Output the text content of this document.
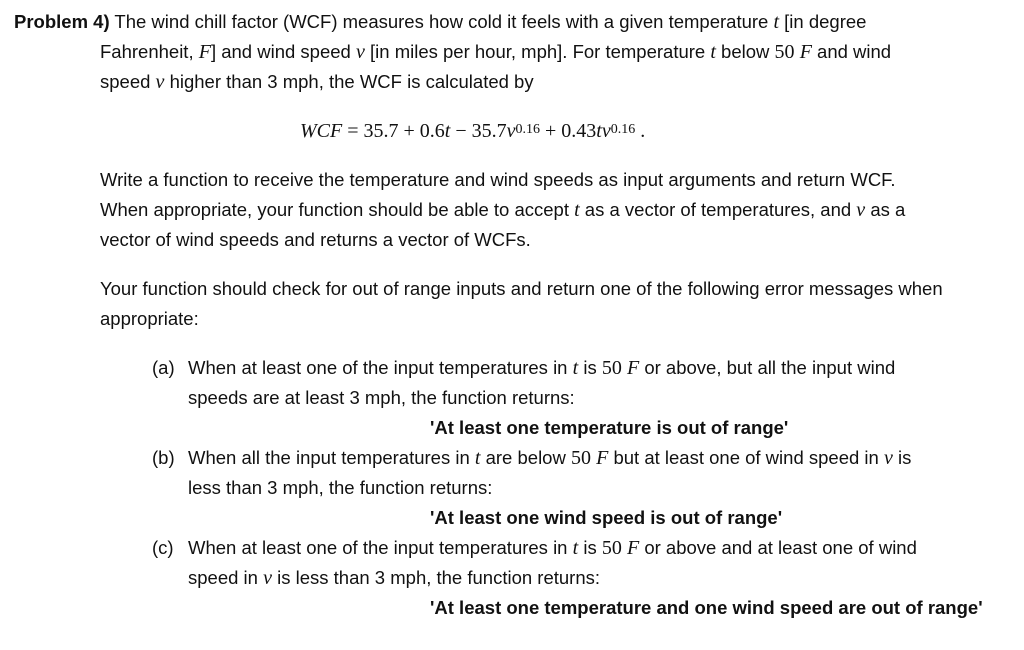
Problem 4) The wind chill factor (WCF) measures how cold it feels with a given temperature t [in degree
Fahrenheit, F] and wind speed v [in miles per hour, mph]. For temperature t below 50 F and wind
speed v higher than 3 mph, the WCF is calculated by
WCF = $35.7 + 0.6t - 35.7v^{0.16} + 0.43tv^{0.16}$ .
Write a function to receive the temperature and wind speeds as input arguments and return WCF.
When appropriate, your function should be able to accept t as a vector of temperatures, and v as a
vector of wind speeds and returns a vector of WCFs.
Your function should check for out of range inputs and return one of the following error messages when
appropriate:
(a) When at least one of the input temperatures in t is 50 F or above, but all the input wind
speeds are at least 3 mph, the function returns:
'At least one temperature is out of range'
(b) When all the input temperatures in t are below 50 F but at least one of wind speed in v is
less than 3 mph, the function returns:
'At least one wind speed is out of range'
(c) When at least one of the input temperatures in t is 50 F or above and at least one of wind
speed in v is less than 3 mph, the function returns:
'At least one temperature and one wind speed are out of range'
